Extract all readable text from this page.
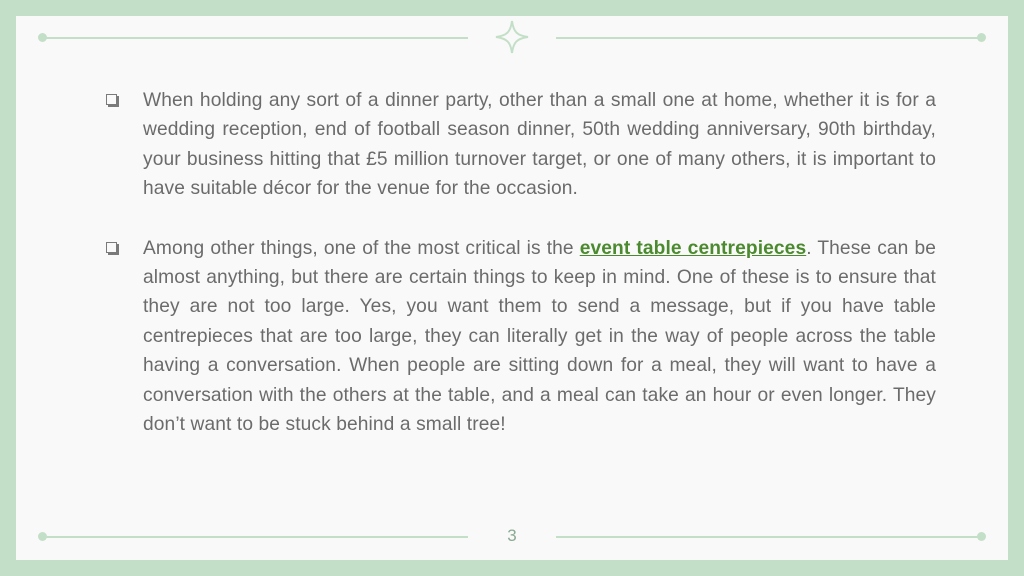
When holding any sort of a dinner party, other than a small one at home, whether it is for a wedding reception, end of football season dinner, 50th wedding anniversary, 90th birthday, your business hitting that £5 million turnover target, or one of many others, it is important to have suitable décor for the venue for the occasion.

Among other things, one of the most critical is the event table centrepieces. These can be almost anything, but there are certain things to keep in mind. One of these is to ensure that they are not too large. Yes, you want them to send a message, but if you have table centrepieces that are too large, they can literally get in the way of people across the table having a conversation. When people are sitting down for a meal, they will want to have a conversation with the others at the table, and a meal can take an hour or even longer. They don’t want to be stuck behind a small tree!

3
